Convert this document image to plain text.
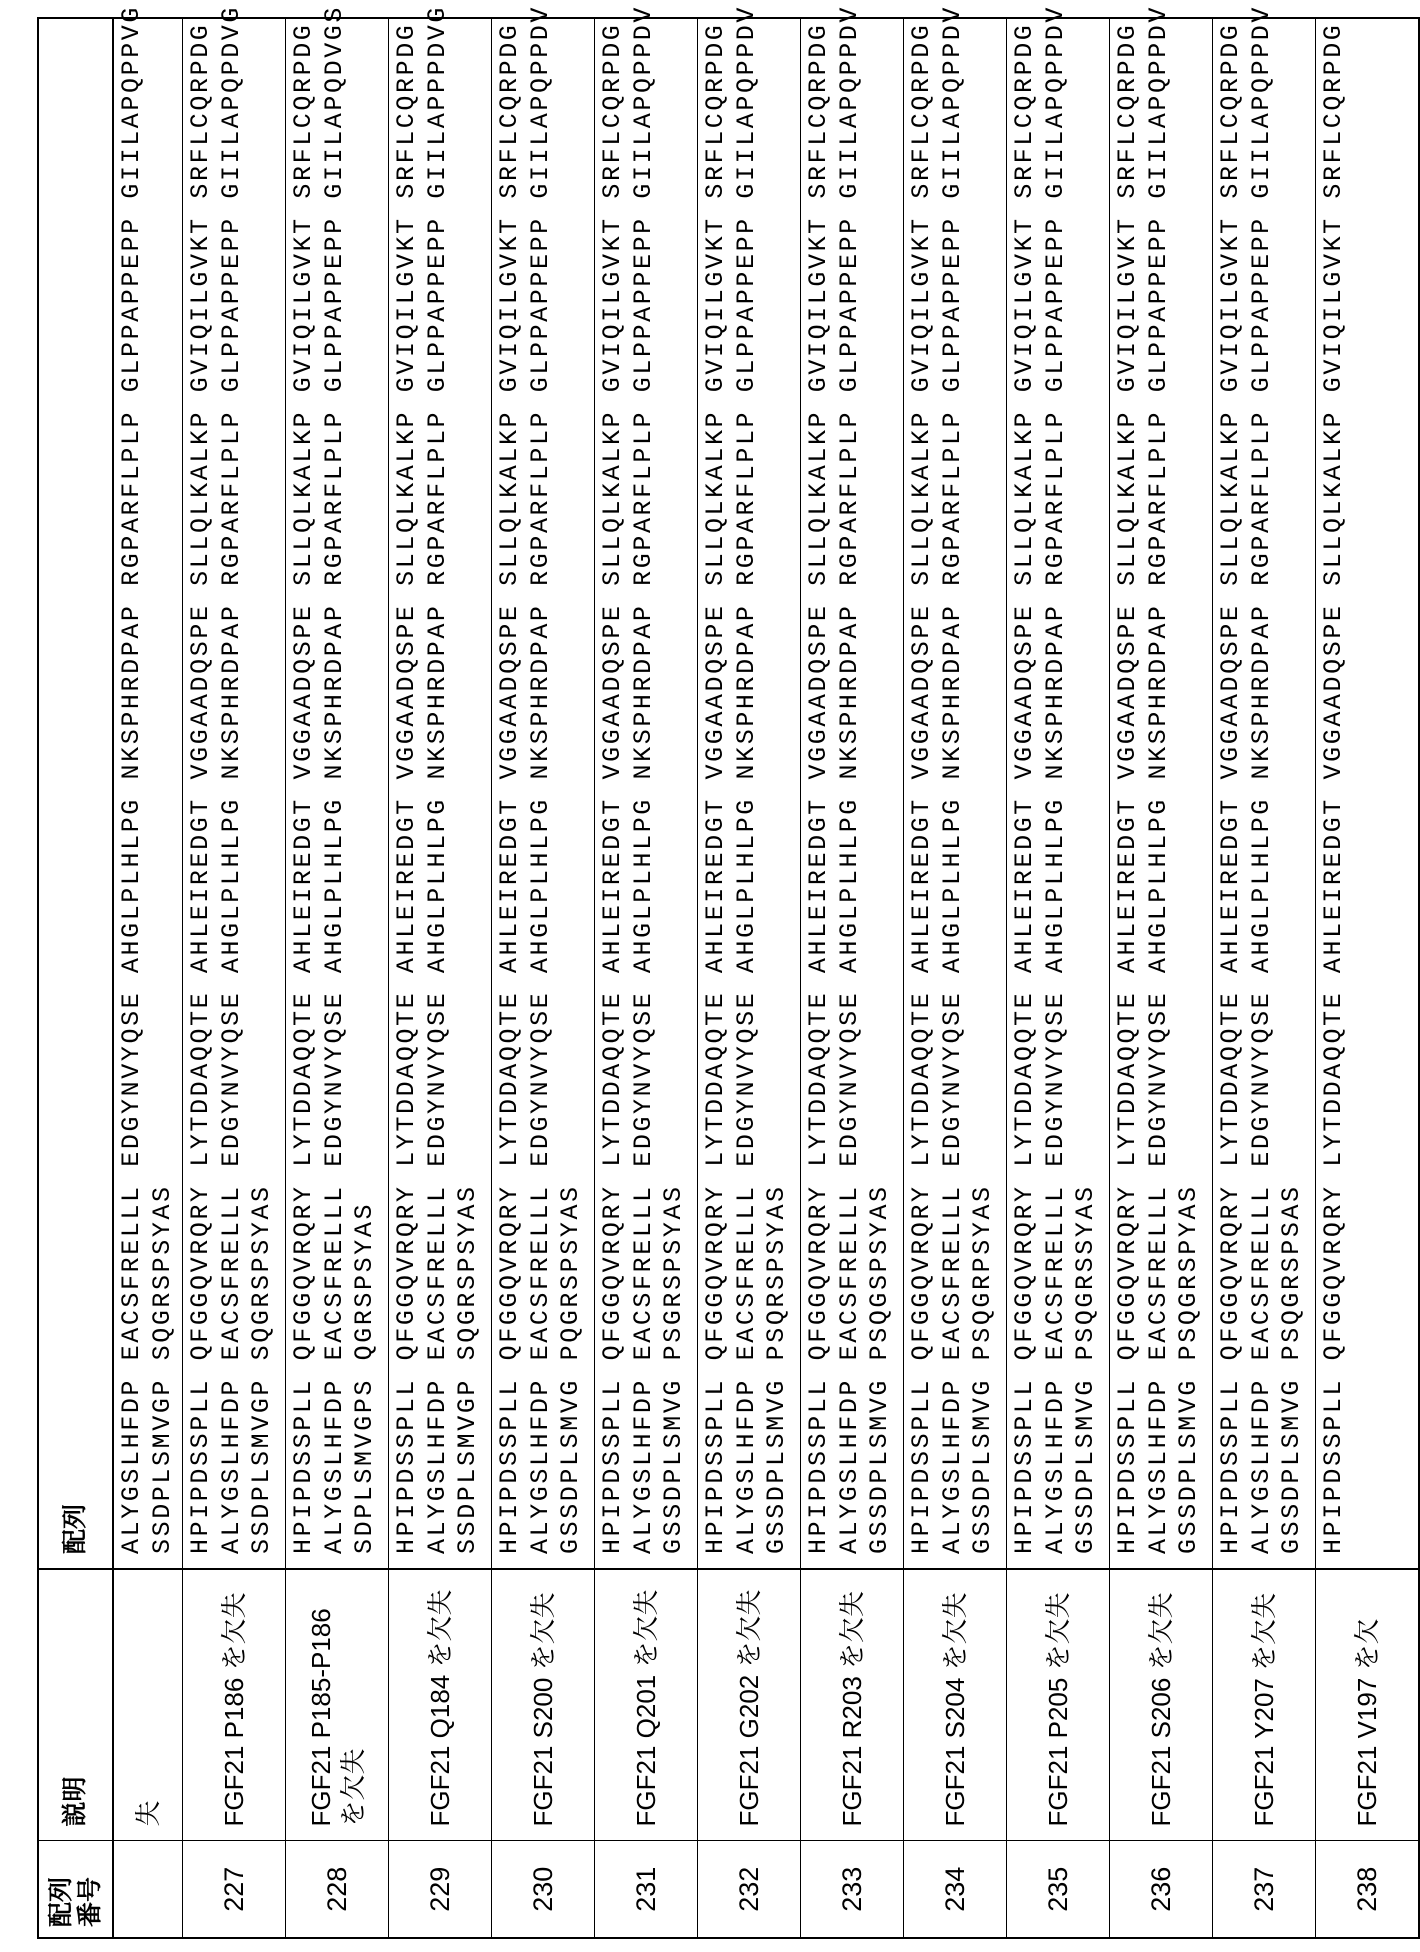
配列番号	説明	配列
	失	
ALYGSLHFDP EACSFRELLL EDGYNVYQSE AHGLPLHLPG NKSPHRDPAP RGPARFLPLP GLPPAPPEPP GIILAPQPPVG SSDPLSMVGP SQGRSPSYAS

227	FGF21 P186 を欠失	
HPIPDSSPLL QFGGQVRQRY LYTDDAQQTE AHLEIREDGT VGGAADQSPE SLLQLKALKP GVIQILGVKT SRFLCQRPDG ALYGSLHFDP EACSFRELLL EDGYNVYQSE AHGLPLHLPG NKSPHRDPAP RGPARFLPLP GLPPAPPEPP GIILAPQPDVG SSDPLSMVGP SQGRSPSYAS

228	FGF21 P185-P186 を欠失	
HPIPDSSPLL QFGGQVRQRY LYTDDAQQTE AHLEIREDGT VGGAADQSPE SLLQLKALKP GVIQILGVKT SRFLCQRPDG ALYGSLHFDP EACSFRELLL EDGYNVYQSE AHGLPLHLPG NKSPHRDPAP RGPARFLPLP GLPPAPPEPP GIILAPQDVGS SDPLSMVGPS QGRSPSYAS

229	FGF21 Q184 を欠失	
HPIPDSSPLL QFGGQVRQRY LYTDDAQQTE AHLEIREDGT VGGAADQSPE SLLQLKALKP GVIQILGVKT SRFLCQRPDG ALYGSLHFDP EACSFRELLL EDGYNVYQSE AHGLPLHLPG NKSPHRDPAP RGPARFLPLP GLPPAPPEPP GIILAPPPDVG SSDPLSMVGP SQGRSPSYAS

230	FGF21 S200 を欠失	
HPIPDSSPLL QFGGQVRQRY LYTDDAQQTE AHLEIREDGT VGGAADQSPE SLLQLKALKP GVIQILGVKT SRFLCQRPDG ALYGSLHFDP EACSFRELLL EDGYNVYQSE AHGLPLHLPG NKSPHRDPAP RGPARFLPLP GLPPAPPEPP GIILAPQPPDV GSSDPLSMVG PQGRSPSYAS

231	FGF21 Q201 を欠失	
HPIPDSSPLL QFGGQVRQRY LYTDDAQQTE AHLEIREDGT VGGAADQSPE SLLQLKALKP GVIQILGVKT SRFLCQRPDG ALYGSLHFDP EACSFRELLL EDGYNVYQSE AHGLPLHLPG NKSPHRDPAP RGPARFLPLP GLPPAPPEPP GIILAPQPPDV GSSDPLSMVG PSGRSPSYAS

232	FGF21 G202 を欠失	
HPIPDSSPLL QFGGQVRQRY LYTDDAQQTE AHLEIREDGT VGGAADQSPE SLLQLKALKP GVIQILGVKT SRFLCQRPDG ALYGSLHFDP EACSFRELLL EDGYNVYQSE AHGLPLHLPG NKSPHRDPAP RGPARFLPLP GLPPAPPEPP GIILAPQPPDV GSSDPLSMVG PSQRSPSYAS

233	FGF21 R203 を欠失	
HPIPDSSPLL QFGGQVRQRY LYTDDAQQTE AHLEIREDGT VGGAADQSPE SLLQLKALKP GVIQILGVKT SRFLCQRPDG ALYGSLHFDP EACSFRELLL EDGYNVYQSE AHGLPLHLPG NKSPHRDPAP RGPARFLPLP GLPPAPPEPP GIILAPQPPDV GSSDPLSMVG PSQGSPSYAS

234	FGF21 S204 を欠失	
HPIPDSSPLL QFGGQVRQRY LYTDDAQQTE AHLEIREDGT VGGAADQSPE SLLQLKALKP GVIQILGVKT SRFLCQRPDG ALYGSLHFDP EACSFRELLL EDGYNVYQSE AHGLPLHLPG NKSPHRDPAP RGPARFLPLP GLPPAPPEPP GIILAPQPPDV GSSDPLSMVG PSQGRPSYAS

235	FGF21 P205 を欠失	
HPIPDSSPLL QFGGQVRQRY LYTDDAQQTE AHLEIREDGT VGGAADQSPE SLLQLKALKP GVIQILGVKT SRFLCQRPDG ALYGSLHFDP EACSFRELLL EDGYNVYQSE AHGLPLHLPG NKSPHRDPAP RGPARFLPLP GLPPAPPEPP GIILAPQPPDV GSSDPLSMVG PSQGRSSYAS

236	FGF21 S206 を欠失	
HPIPDSSPLL QFGGQVRQRY LYTDDAQQTE AHLEIREDGT VGGAADQSPE SLLQLKALKP GVIQILGVKT SRFLCQRPDG ALYGSLHFDP EACSFRELLL EDGYNVYQSE AHGLPLHLPG NKSPHRDPAP RGPARFLPLP GLPPAPPEPP GIILAPQPPDV GSSDPLSMVG PSQGRSPYAS

237	FGF21 Y207 を欠失	
HPIPDSSPLL QFGGQVRQRY LYTDDAQQTE AHLEIREDGT VGGAADQSPE SLLQLKALKP GVIQILGVKT SRFLCQRPDG ALYGSLHFDP EACSFRELLL EDGYNVYQSE AHGLPLHLPG NKSPHRDPAP RGPARFLPLP GLPPAPPEPP GIILAPQPPDV GSSDPLSMVG PSQGRSPSAS

238	FGF21 V197 を欠	
HPIPDSSPLL QFGGQVRQRY LYTDDAQQTE AHLEIREDGT VGGAADQSPE SLLQLKALKP GVIQILGVKT SRFLCQRPDG
